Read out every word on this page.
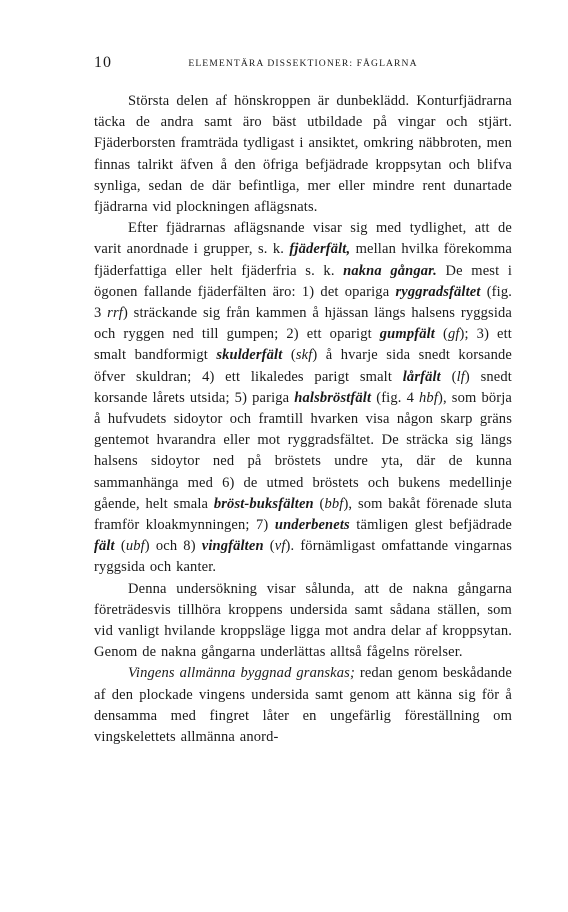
10	ELEMENTÄRA DISSEKTIONER: FÅGLARNA

Största delen af hönskroppen är dunbeklädd. Konturfjädrarna täcka de andra samt äro bäst utbildade på vingar och stjärt. Fjäderborsten framträda tydligast i ansiktet, omkring näbbroten, men finnas talrikt äfven å den öfriga befjädrade kroppsytan och blifva synliga, sedan de där befintliga, mer eller mindre rent dunartade fjädrarna vid plockningen aflägsnats.

Efter fjädrarnas aflägsnande visar sig med tydlighet, att de varit anordnade i grupper, s. k. fjäderfält, mellan hvilka förekomma fjäderfattiga eller helt fjäderfria s. k. nakna gångar. De mest i ögonen fallande fjäderfälten äro: 1) det opariga ryggradsfältet (fig. 3 rrf) sträckande sig från kammen å hjässan längs halsens ryggsida och ryggen ned till gumpen; 2) ett oparigt gumpfält (gf); 3) ett smalt bandformigt skulderfält (skf) å hvarje sida snedt korsande öfver skuldran; 4) ett likaledes parigt smalt lårfält (lf) snedt korsande lårets utsida; 5) pariga halsbröstfält (fig. 4 hbf), som börja å hufvudets sidoytor och framtill hvarken visa någon skarp gräns gentemot hvarandra eller mot ryggradsfältet. De sträcka sig längs halsens sidoytor ned på bröstets undre yta, där de kunna sammanhänga med 6) de utmed bröstets och bukens medellinje gående, helt smala bröst-buksfälten (bbf), som bakåt förenade sluta framför kloakmynningen; 7) underbenets tämligen glest befjädrade fält (ubf) och 8) vingfälten (vf). förnämligast omfattande vingarnas ryggsida och kanter.

Denna undersökning visar sålunda, att de nakna gångarna företrädesvis tillhöra kroppens undersida samt sådana ställen, som vid vanligt hvilande kroppsläge ligga mot andra delar af kroppsytan. Genom de nakna gångarna underlättas alltså fågelns rörelser.

Vingens allmänna byggnad granskas; redan genom beskådande af den plockade vingens undersida samt genom att känna sig för å densamma med fingret låter en ungefärlig föreställning om vingskelettets allmänna anord-
